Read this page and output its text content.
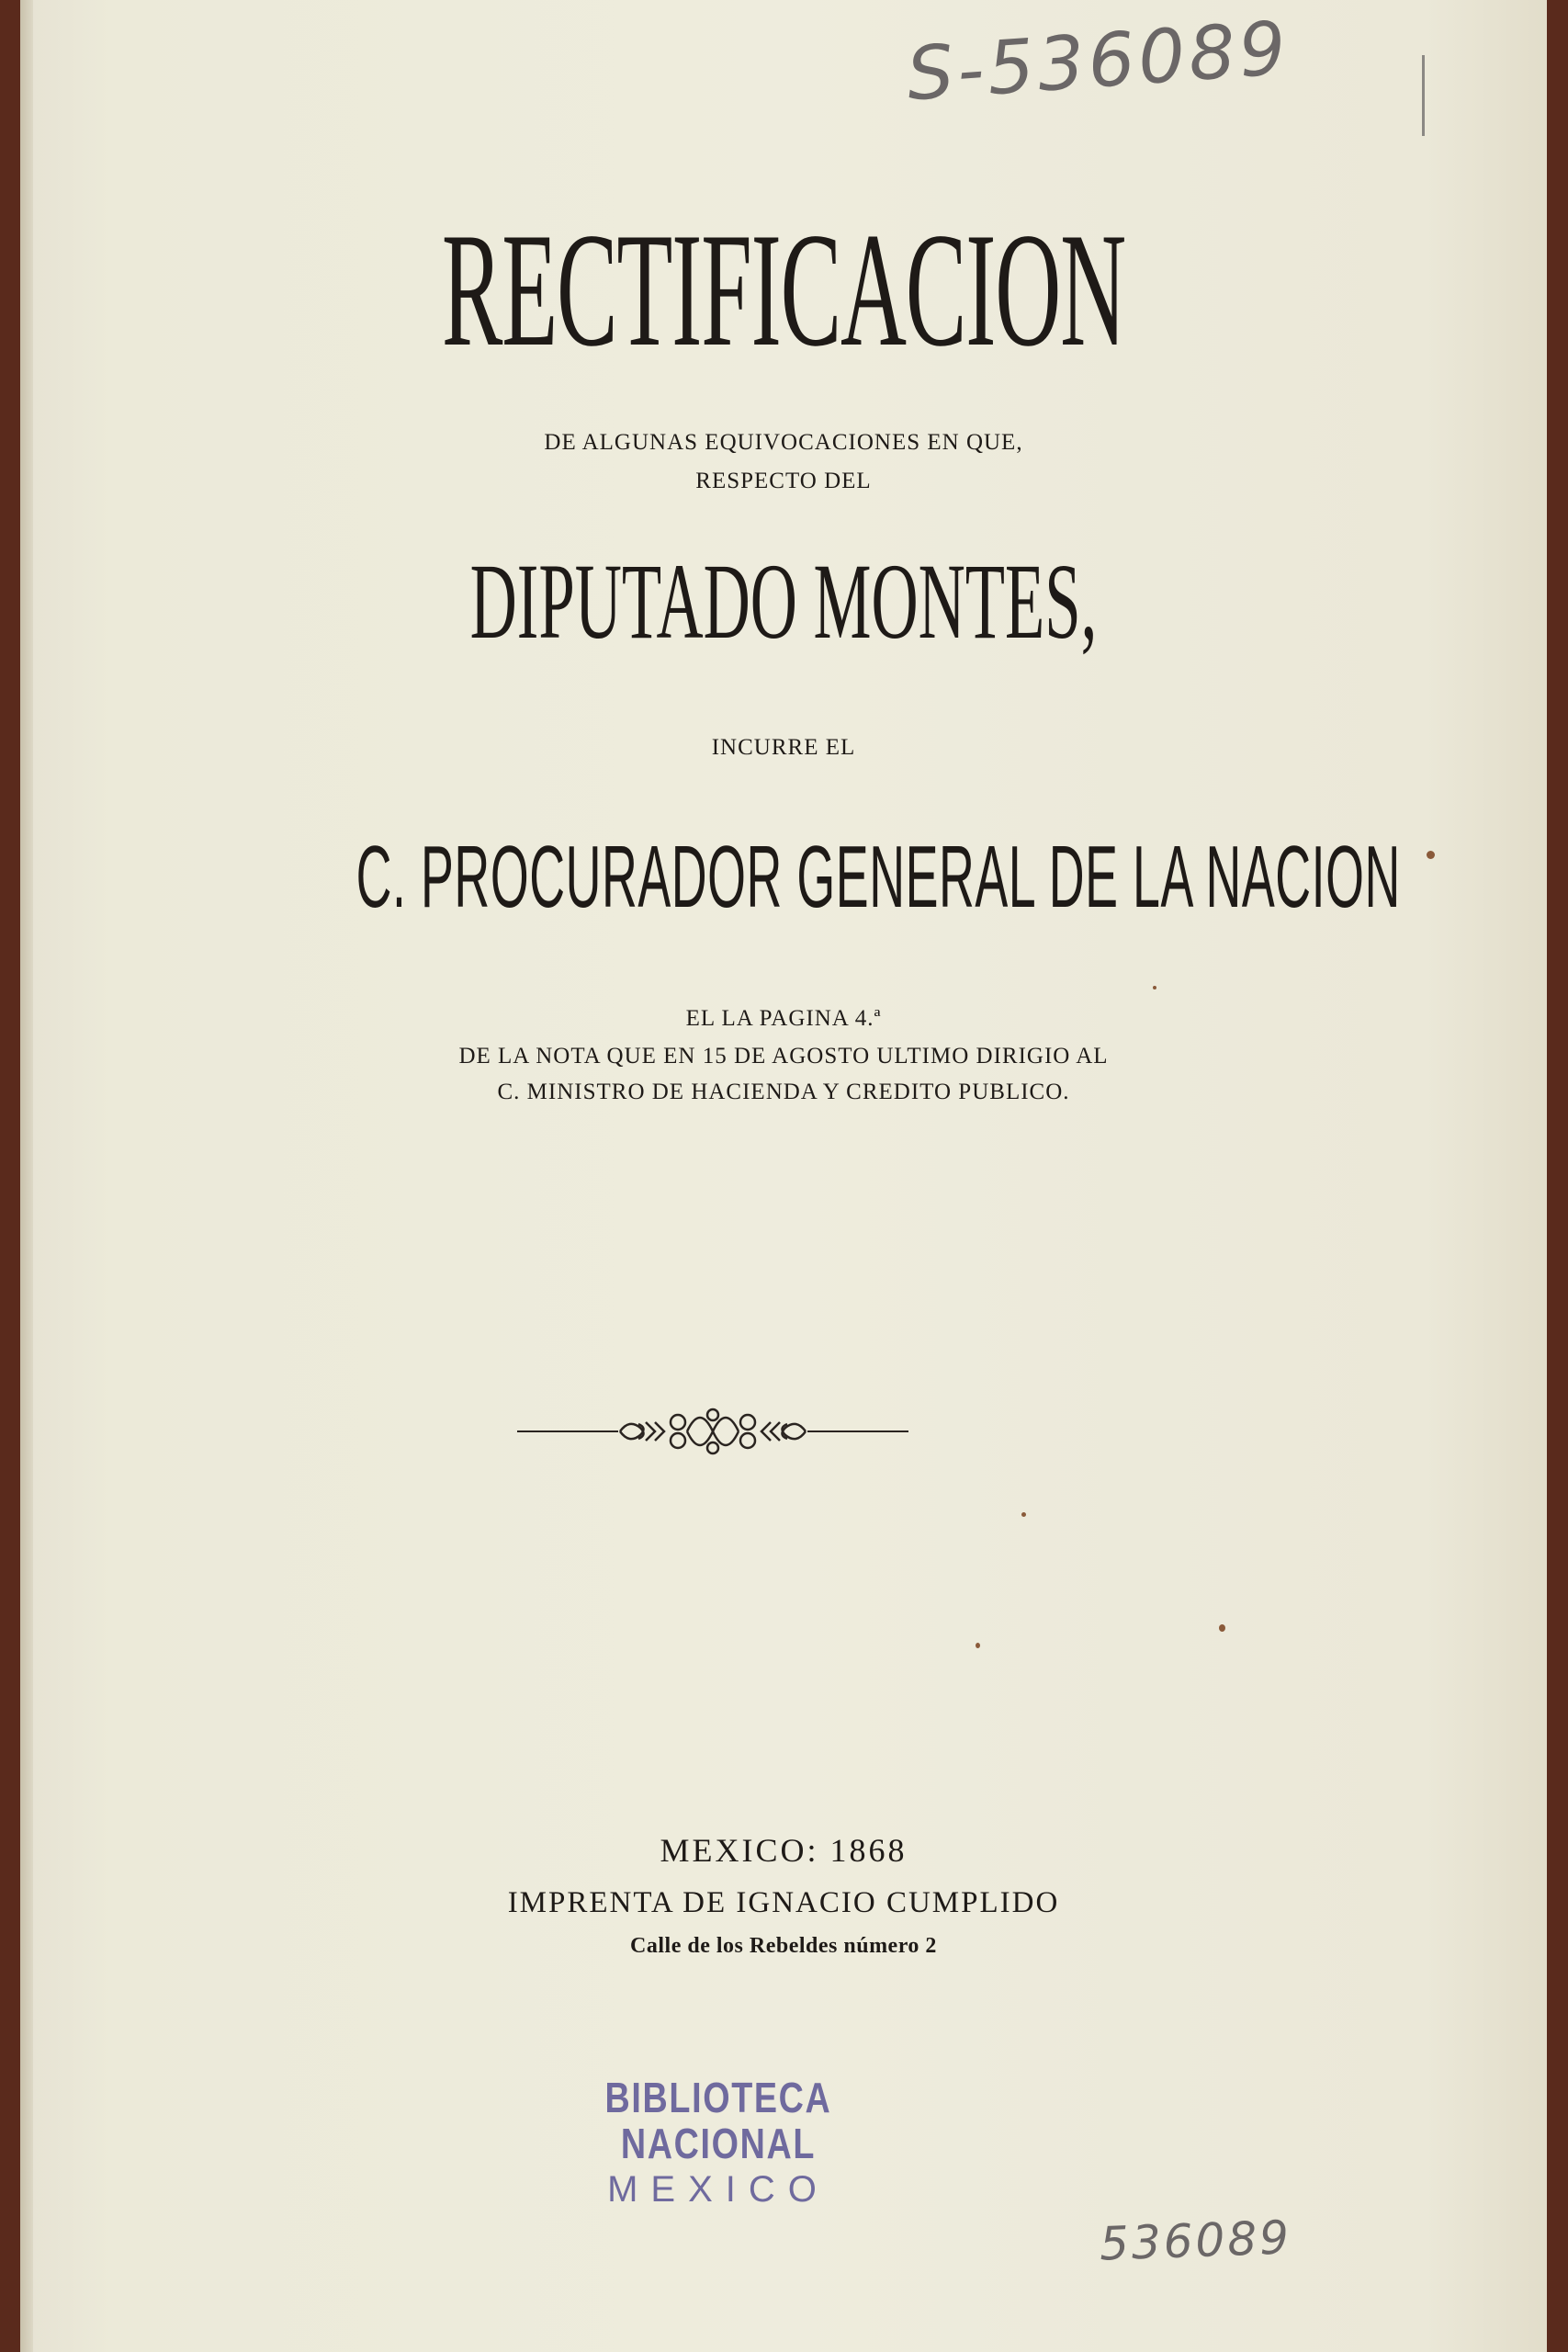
S-536089
RECTIFICACION
DE ALGUNAS EQUIVOCACIONES EN QUE,
RESPECTO DEL
DIPUTADO MONTES,
INCURRE EL
C. PROCURADOR GENERAL DE LA NACION
EL LA PAGINA 4.ª
DE LA NOTA QUE EN 15 DE AGOSTO ULTIMO DIRIGIO AL
C. MINISTRO DE HACIENDA Y CREDITO PUBLICO.
MEXICO: 1868
IMPRENTA DE IGNACIO CUMPLIDO
Calle de los Rebeldes número 2
BIBLIOTECA NACIONAL
MEXICO
536089
